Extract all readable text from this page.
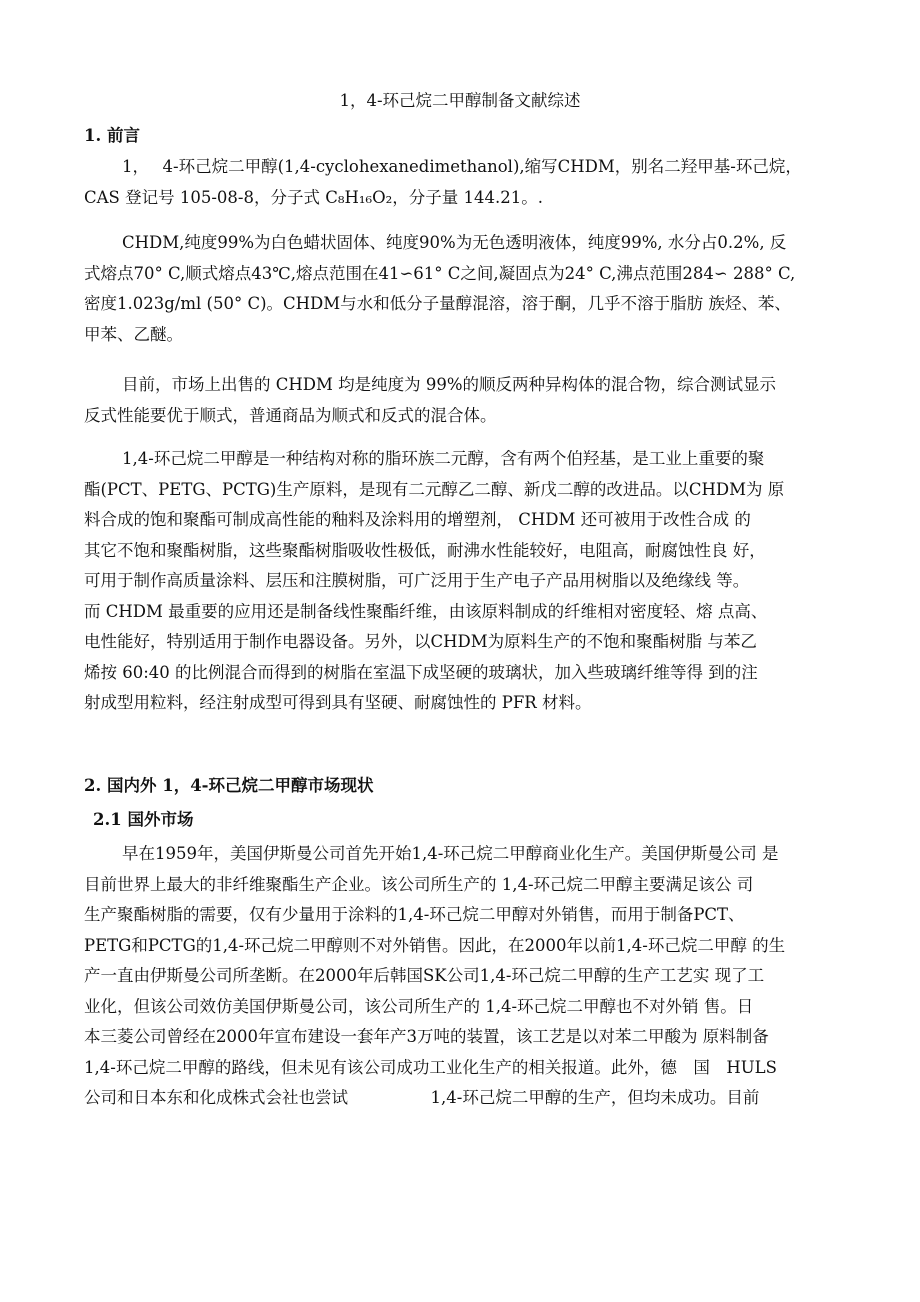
1，4-环己烷二甲醇制备文献综述
1. 前言
1，　 4-环己烷二甲醇(1,4-cyclohexanedimethanol),缩写CHDM，别名二羟甲基-环己烷，
CAS 登记号 105-08-8，分子式 C₈H₁₆O₂，分子量 144.21。.
CHDM,纯度99%为白色蜡状固体、纯度90%为无色透明液体，纯度99%, 水分占0.2%, 反
式熔点70° C,顺式熔点43℃,熔点范围在41∽61° C之间,凝固点为24° C,沸点范围284∽ 288° C,
密度1.023g/ml (50° C)。CHDM与水和低分子量醇混溶，溶于酮，几乎不溶于脂肪 族烃、苯、
甲苯、乙醚。
目前，市场上出售的 CHDM 均是纯度为 99%的顺反两种异构体的混合物，综合测试显示
反式性能要优于顺式，普通商品为顺式和反式的混合体。
1,4-环己烷二甲醇是一种结构对称的脂环族二元醇，含有两个伯羟基，是工业上重要的聚
酯(PCT、PETG、PCTG)生产原料，是现有二元醇乙二醇、新戊二醇的改进品。以CHDM为 原
料合成的饱和聚酯可制成高性能的釉料及涂料用的增塑剂， CHDM 还可被用于改性合成 的
其它不饱和聚酯树脂，这些聚酯树脂吸收性极低，耐沸水性能较好，电阻高，耐腐蚀性良 好，
可用于制作高质量涂料、层压和注膜树脂，可广泛用于生产电子产品用树脂以及绝缘线 等。
而 CHDM 最重要的应用还是制备线性聚酯纤维，由该原料制成的纤维相对密度轻、熔 点高、
电性能好，特别适用于制作电器设备。另外，以CHDM为原料生产的不饱和聚酯树脂 与苯乙
烯按 60:40 的比例混合而得到的树脂在室温下成坚硬的玻璃状，加入些玻璃纤维等得 到的注
射成型用粒料，经注射成型可得到具有坚硬、耐腐蚀性的 PFR 材料。
2. 国内外 1，4-环己烷二甲醇市场现状
2.1 国外市场
早在1959年，美国伊斯曼公司首先开始1,4-环己烷二甲醇商业化生产。美国伊斯曼公司 是
目前世界上最大的非纤维聚酯生产企业。该公司所生产的 1,4-环己烷二甲醇主要满足该公 司
生产聚酯树脂的需要，仅有少量用于涂料的1,4-环己烷二甲醇对外销售，而用于制备PCT、
PETG和PCTG的1,4-环己烷二甲醇则不对外销售。因此，在2000年以前1,4-环己烷二甲醇 的生
产一直由伊斯曼公司所垄断。在2000年后韩国SK公司1,4-环己烷二甲醇的生产工艺实 现了工
业化，但该公司效仿美国伊斯曼公司，该公司所生产的 1,4-环己烷二甲醇也不对外销 售。日
本三菱公司曾经在2000年宣布建设一套年产3万吨的装置，该工艺是以对苯二甲酸为 原料制备
1,4-环己烷二甲醇的路线，但未见有该公司成功工业化生产的相关报道。此外，德　国　HULS
公司和日本东和化成株式会社也尝试　　　　　1,4-环己烷二甲醇的生产，但均未成功。目前
